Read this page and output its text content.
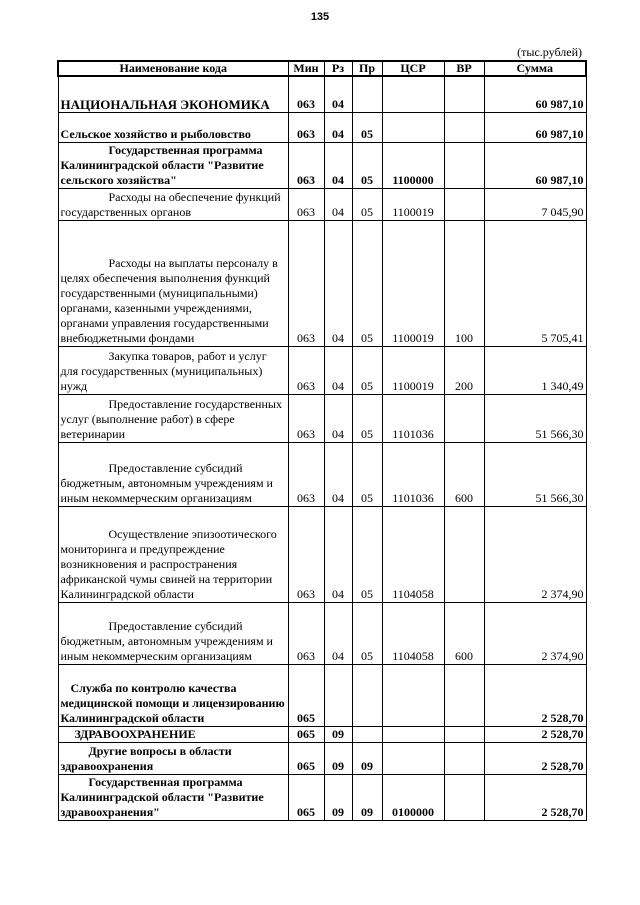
135
(тыс.рублей)
Наименование кода	Мин	Рз	Пр	ЦСР	ВР	Сумма
НАЦИОНАЛЬНАЯ ЭКОНОМИКА	063	04				60 987,10
Сельское хозяйство и рыболовство	063	04	05			60 987,10
Государственная программа Калининградской области "Развитие сельского хозяйства"	063	04	05	1100000		60 987,10
Расходы на обеспечение функций государственных органов	063	04	05	1100019		7 045,90
Расходы на выплаты персоналу в целях обеспечения выполнения функций государственными (муниципальными) органами, казенными учреждениями, органами управления государственными внебюджетными фондами	063	04	05	1100019	100	5 705,41
Закупка товаров, работ и услуг для государственных (муниципальных) нужд	063	04	05	1100019	200	1 340,49
Предоставление государственных услуг (выполнение работ) в сфере ветеринарии	063	04	05	1101036		51 566,30
Предоставление субсидий бюджетным, автономным учреждениям и иным некоммерческим организациям	063	04	05	1101036	600	51 566,30
Осуществление эпизоотического мониторинга и предупреждение возникновения и распространения африканской чумы свиней на территории Калининградской области	063	04	05	1104058		2 374,90
Предоставление субсидий бюджетным, автономным учреждениям и иным некоммерческим организациям	063	04	05	1104058	600	2 374,90
Служба по контролю качества медицинской помощи и лицензированию Калининградской области	065					2 528,70
ЗДРАВООХРАНЕНИЕ	065	09				2 528,70
Другие вопросы в области здравоохранения	065	09	09			2 528,70
Государственная программа Калининградской области "Развитие здравоохранения"	065	09	09	0100000		2 528,70
